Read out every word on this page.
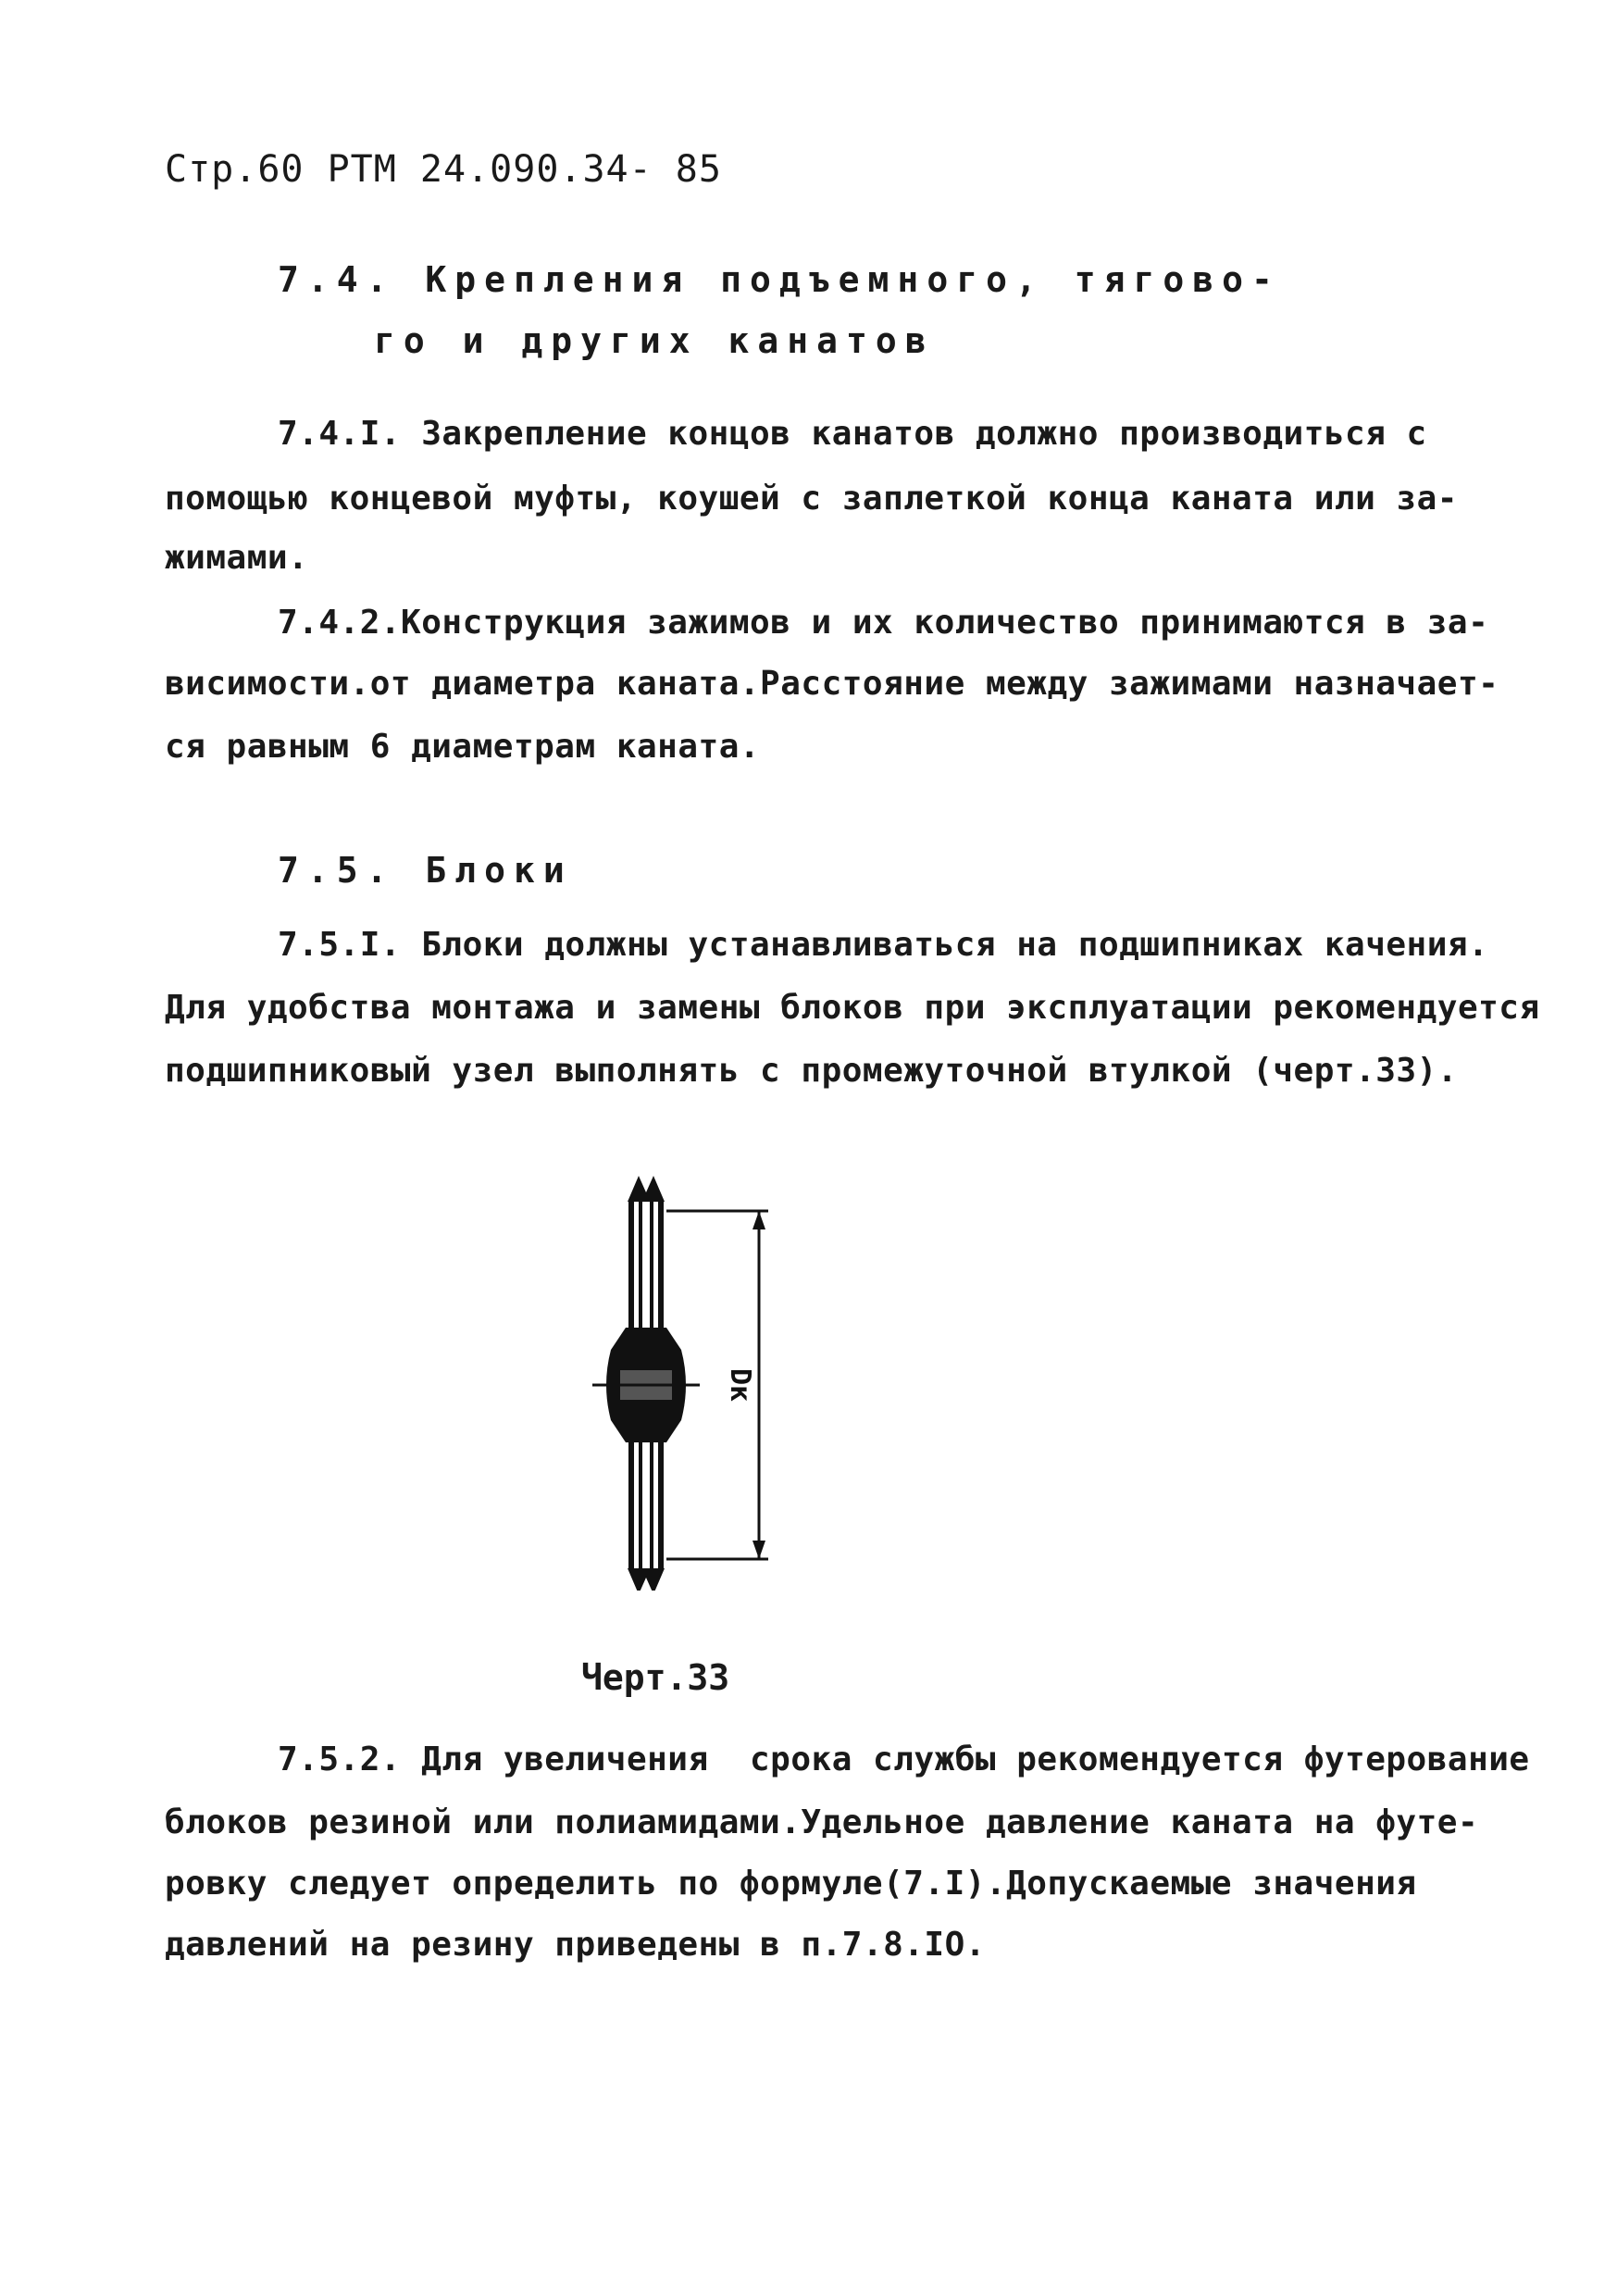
Стр.60 РТМ 24.090.34- 85
7.4. Крепления подъемного, тягово-
го и других канатов
7.4.I. Закрепление концов канатов должно производиться с
помощью концевой муфты, коушей с заплеткой конца каната или за-
жимами.
7.4.2.Конструкция зажимов и их количество принимаются в за-
висимости.от диаметра каната.Расстояние между зажимами назначает-
ся равным 6 диаметрам каната.
7.5. Блоки
7.5.I. Блоки должны устанавливаться на подшипниках качения.
Для удобства монтажа и замены блоков при эксплуатации рекомендуется
подшипниковый узел выполнять с промежуточной втулкой (черт.33).
Dк
Черт.33
7.5.2. Для увеличения  срока службы рекомендуется футерование
блоков резиной или полиамидами.Удельное давление каната на футе-
ровку следует определить по формуле(7.I).Допускаемые значения
давлений на резину приведены в п.7.8.IO.
